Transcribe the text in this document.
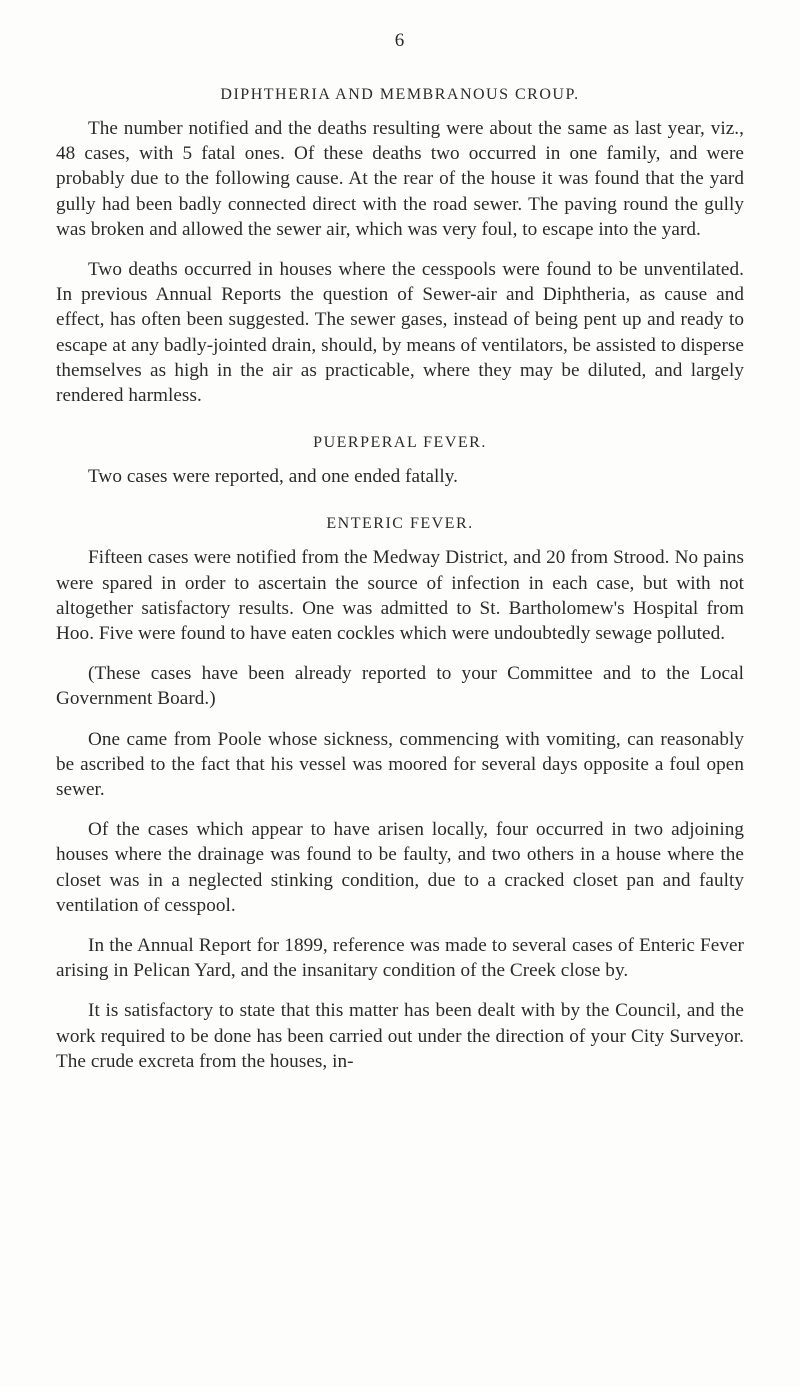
6
DIPHTHERIA AND MEMBRANOUS CROUP.

The number notified and the deaths resulting were about the same as last year, viz., 48 cases, with 5 fatal ones. Of these deaths two occurred in one family, and were probably due to the following cause. At the rear of the house it was found that the yard gully had been badly connected direct with the road sewer. The paving round the gully was broken and allowed the sewer air, which was very foul, to escape into the yard.

Two deaths occurred in houses where the cesspools were found to be unventilated. In previous Annual Reports the question of Sewer-air and Diphtheria, as cause and effect, has often been suggested. The sewer gases, instead of being pent up and ready to escape at any badly-jointed drain, should, by means of ventilators, be assisted to disperse themselves as high in the air as practicable, where they may be diluted, and largely rendered harmless.

PUERPERAL FEVER.

Two cases were reported, and one ended fatally.

ENTERIC FEVER.

Fifteen cases were notified from the Medway District, and 20 from Strood. No pains were spared in order to ascertain the source of infection in each case, but with not altogether satisfactory results. One was admitted to St. Bartholomew's Hospital from Hoo. Five were found to have eaten cockles which were undoubtedly sewage polluted.

(These cases have been already reported to your Committee and to the Local Government Board.)

One came from Poole whose sickness, commencing with vomiting, can reasonably be ascribed to the fact that his vessel was moored for several days opposite a foul open sewer.

Of the cases which appear to have arisen locally, four occurred in two adjoining houses where the drainage was found to be faulty, and two others in a house where the closet was in a neglected stinking condition, due to a cracked closet pan and faulty ventilation of cesspool.

In the Annual Report for 1899, reference was made to several cases of Enteric Fever arising in Pelican Yard, and the insanitary condition of the Creek close by.

It is satisfactory to state that this matter has been dealt with by the Council, and the work required to be done has been carried out under the direction of your City Surveyor. The crude excreta from the houses, in-
